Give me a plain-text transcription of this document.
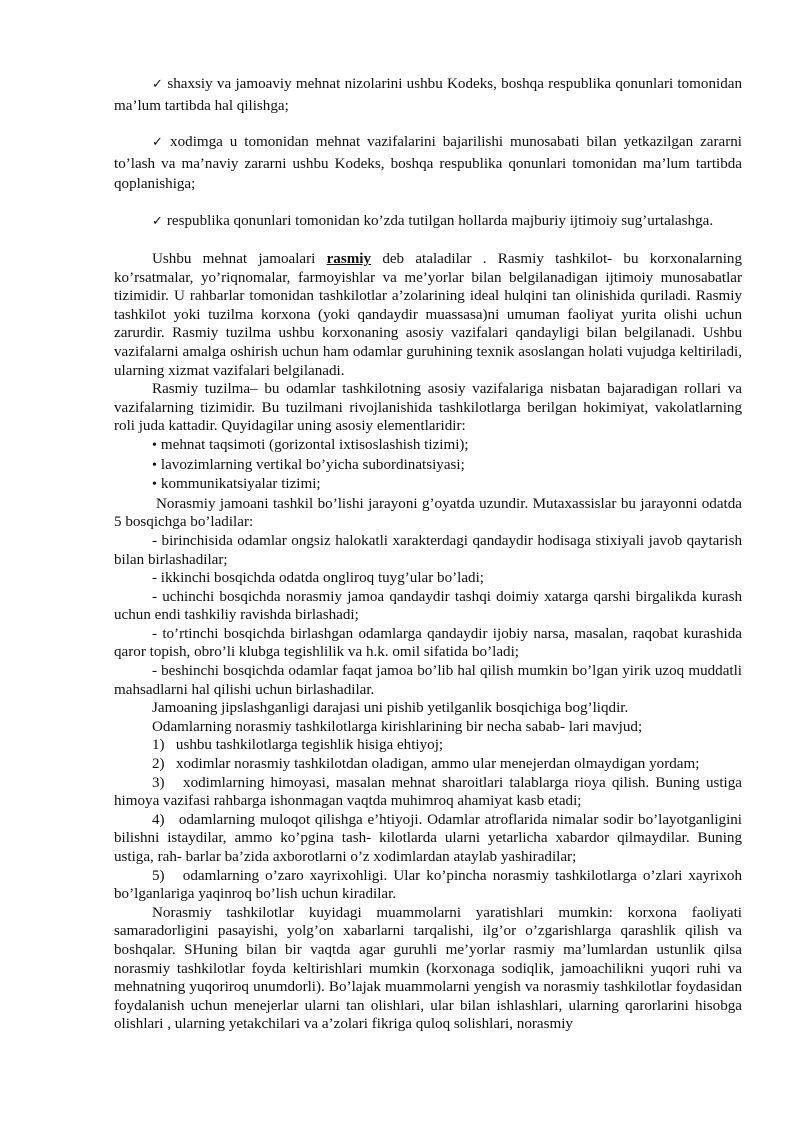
✓ shaxsiy va jamoaviy mehnat nizolarini ushbu Kodeks, boshqa respublika qonunlari tomonidan ma’lum tartibda hal qilishga;

✓ xodimga u tomonidan mehnat vazifalarini bajarilishi munosabati bilan yetkazilgan zararni to’lash va ma’naviy zararni ushbu Kodeks, boshqa respublika qonunlari tomonidan ma’lum tartibda qoplanishiga;

✓ respublika qonunlari tomonidan ko’zda tutilgan hollarda majburiy ijtimoiy sug’urtalashga.

Ushbu mehnat jamoalari rasmiy deb ataladilar . Rasmiy tashkilot- bu korxonalarning ko’rsatmalar, yo’riqnomalar, farmoyishlar va me’yorlar bilan belgilanadigan ijtimoiy munosabatlar tizimidir. U rahbarlar tomonidan tashkilotlar a’zolarining ideal hulqini tan olinishida quriladi. Rasmiy tashkilot yoki tuzilma korxona (yoki qandaydir muassasa)ni umuman faoliyat yurita olishi uchun zarurdir. Rasmiy tuzilma ushbu korxonaning asosiy vazifalari qandayligi bilan belgilanadi. Ushbu vazifalarni amalga oshirish uchun ham odamlar guruhining texnik asoslangan holati vujudga keltiriladi, ularning xizmat vazifalari belgilanadi.

Rasmiy tuzilma– bu odamlar tashkilotning asosiy vazifalariga nisbatan bajaradigan rollari va vazifalarning tizimidir. Bu tuzilmani rivojlanishida tashkilotlarga berilgan hokimiyat, vakolatlarning roli juda kattadir. Quyidagilar uning asosiy elementlaridir:

• mehnat taqsimoti (gorizontal ixtisoslashish tizimi);

• lavozimlarning vertikal bo’yicha subordinatsiyasi;

• kommunikatsiyalar tizimi;

Norasmiy jamoani tashkil bo’lishi jarayoni g’oyatda uzundir. Mutaxassislar bu jarayonni odatda 5 bosqichga bo’ladilar:

- birinchisida odamlar ongsiz halokatli xarakterdagi qandaydir hodisaga stixiyali javob qaytarish bilan birlashadilar;

- ikkinchi bosqichda odatda ongliroq tuyg’ular bo’ladi;

- uchinchi bosqichda norasmiy jamoa qandaydir tashqi doimiy xatarga qarshi birgalikda kurash uchun endi tashkiliy ravishda birlashadi;

- to’rtinchi bosqichda birlashgan odamlarga qandaydir ijobiy narsa, masalan, raqobat kurashida qaror topish, obro’li klubga tegishlilik va h.k. omil sifatida bo’ladi;

- beshinchi bosqichda odamlar faqat jamoa bo’lib hal qilish mumkin bo’lgan yirik uzoq muddatli mahsadlarni hal qilishi uchun birlashadilar.

Jamoaning jipslashganligi darajasi uni pishib yetilganlik bosqichiga bog’liqdir.

Odamlarning norasmiy tashkilotlarga kirishlarining bir necha sabab- lari mavjud;

1)   ushbu tashkilotlarga tegishlik hisiga ehtiyoj;

2)   xodimlar norasmiy tashkilotdan oladigan, ammo ular menejerdan olmaydigan yordam;

3)   xodimlarning himoyasi, masalan mehnat sharoitlari talablarga rioya qilish. Buning ustiga himoya vazifasi rahbarga ishonmagan vaqtda muhimroq ahamiyat kasb etadi;

4)   odamlarning muloqot qilishga e’htiyoji. Odamlar atroflarida nimalar sodir bo’layotganligini bilishni istaydilar, ammo ko’pgina tash- kilotlarda ularni yetarlicha xabardor qilmaydilar. Buning ustiga, rah- barlar ba’zida axborotlarni o’z xodimlardan ataylab yashiradilar;

5)   odamlarning o’zaro xayrixohligi. Ular ko’pincha norasmiy tashkilotlarga o’zlari xayrixoh bo’lganlariga yaqinroq bo’lish uchun kiradilar.

Norasmiy tashkilotlar kuyidagi muammolarni yaratishlari mumkin: korxona faoliyati samaradorligini pasayishi, yolg’on xabarlarni tarqalishi, ilg’or o’zgarishlarga qarashlik qilish va boshqalar. SHuning bilan bir vaqtda agar guruhli me’yorlar rasmiy ma’lumlardan ustunlik qilsa norasmiy tashkilotlar foyda keltirishlari mumkin (korxonaga sodiqlik, jamoachilikni yuqori ruhi va mehnatning yuqoriroq unumdorli). Bo’lajak muammolarni yengish va norasmiy tashkilotlar foydasidan foydalanish uchun menejerlar ularni tan olishlari, ular bilan ishlashlari, ularning qarorlarini hisobga olishlari , ularning yetakchilari va a’zolari fikriga quloq solishlari, norasmiy
